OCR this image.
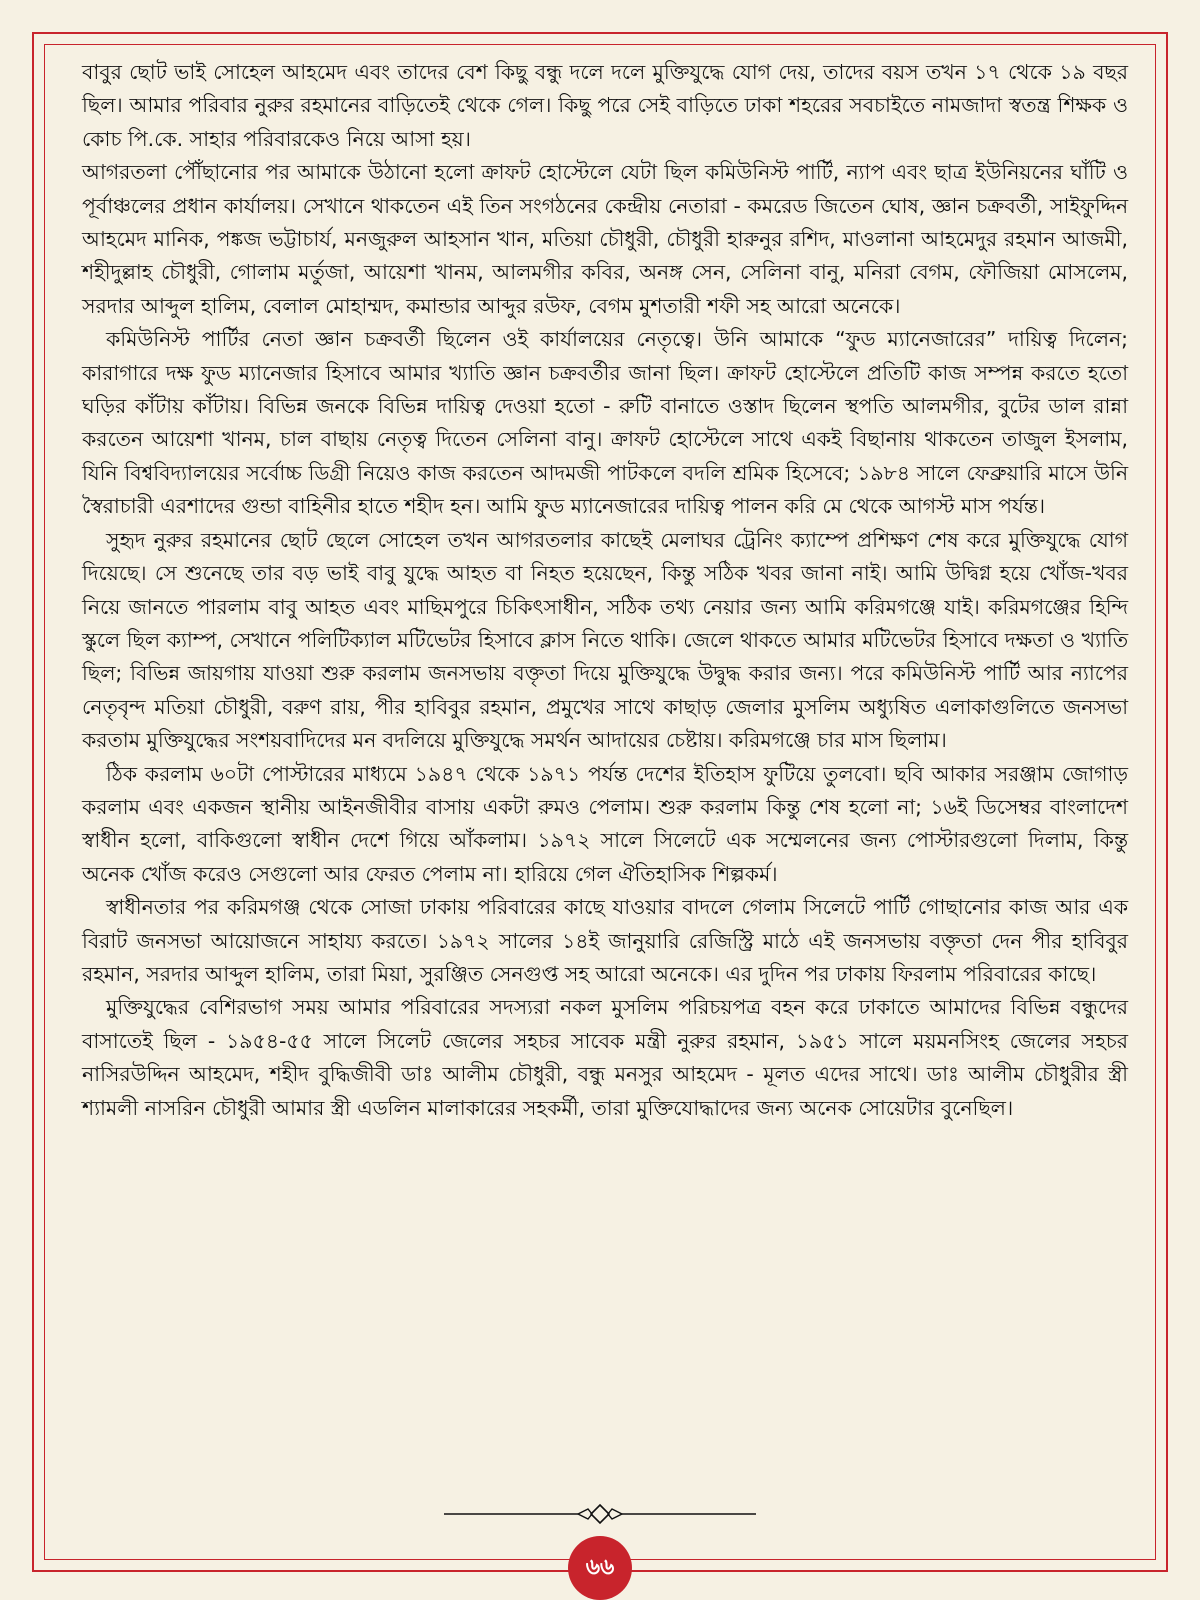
বাবুর ছোট ভাই সোহেল আহমেদ এবং তাদের বেশ কিছু বন্ধু দলে দলে মুক্তিযুদ্ধে যোগ দেয়, তাদের বয়স তখন ১৭ থেকে ১৯ বছর ছিল। আমার পরিবার নুরুর রহমানের বাড়িতেই থেকে গেল। কিছু পরে সেই বাড়িতে ঢাকা শহরের সবচাইতে নামজাদা স্বতন্ত্র শিক্ষক ও কোচ পি.কে. সাহার পরিবারকেও নিয়ে আসা হয়।

আগরতলা পৌঁছানোর পর আমাকে উঠানো হলো ক্রাফট হোস্টেলে যেটা ছিল কমিউনিস্ট পার্টি, ন্যাপ এবং ছাত্র ইউনিয়নের ঘাঁটি ও পূর্বাঞ্চলের প্রধান কার্যালয়। সেখানে থাকতেন এই তিন সংগঠনের কেন্দ্রীয় নেতারা - কমরেড জিতেন ঘোষ, জ্ঞান চক্রবর্তী, সাইফুদ্দিন আহমেদ মানিক, পঙ্কজ ভট্টাচার্য, মনজুরুল আহসান খান, মতিয়া চৌধুরী, চৌধুরী হারুনুর রশিদ, মাওলানা আহমেদুর রহমান আজমী, শহীদুল্লাহ চৌধুরী, গোলাম মর্তুজা, আয়েশা খানম, আলমগীর কবির, অনঙ্গ সেন, সেলিনা বানু, মনিরা বেগম, ফৌজিয়া মোসলেম, সরদার আব্দুল হালিম, বেলাল মোহাম্মদ, কমান্ডার আব্দুর রউফ, বেগম মুশতারী শফী সহ আরো অনেকে।

কমিউনিস্ট পার্টির নেতা জ্ঞান চক্রবর্তী ছিলেন ওই কার্যালয়ের নেতৃত্বে। উনি আমাকে “ফুড ম্যানেজারের” দায়িত্ব দিলেন; কারাগারে দক্ষ ফুড ম্যানেজার হিসাবে আমার খ্যাতি জ্ঞান চক্রবর্তীর জানা ছিল। ক্রাফট হোস্টেলে প্রতিটি কাজ সম্পন্ন করতে হতো ঘড়ির কাঁটায় কাঁটায়। বিভিন্ন জনকে বিভিন্ন দায়িত্ব দেওয়া হতো - রুটি বানাতে ওস্তাদ ছিলেন স্থপতি আলমগীর, বুটের ডাল রান্না করতেন আয়েশা খানম, চাল বাছায় নেতৃত্ব দিতেন সেলিনা বানু। ক্রাফট হোস্টেলে সাথে একই বিছানায় থাকতেন তাজুল ইসলাম, যিনি বিশ্ববিদ্যালয়ের সর্বোচ্চ ডিগ্রী নিয়েও কাজ করতেন আদমজী পাটকলে বদলি শ্রমিক হিসেবে; ১৯৮৪ সালে ফেব্রুয়ারি মাসে উনি স্বৈরাচারী এরশাদের গুন্ডা বাহিনীর হাতে শহীদ হন। আমি ফুড ম্যানেজারের দায়িত্ব পালন করি মে থেকে আগস্ট মাস পর্যন্ত।

সুহৃদ নুরুর রহমানের ছোট ছেলে সোহেল তখন আগরতলার কাছেই মেলাঘর ট্রেনিং ক্যাম্পে প্রশিক্ষণ শেষ করে মুক্তিযুদ্ধে যোগ দিয়েছে। সে শুনেছে তার বড় ভাই বাবু যুদ্ধে আহত বা নিহত হয়েছেন, কিন্তু সঠিক খবর জানা নাই। আমি উদ্বিগ্ন হয়ে খোঁজ-খবর নিয়ে জানতে পারলাম বাবু আহত এবং মাছিমপুরে চিকিৎসাধীন, সঠিক তথ্য নেয়ার জন্য আমি করিমগঞ্জে যাই। করিমগঞ্জের হিন্দি স্কুলে ছিল ক্যাম্প, সেখানে পলিটিক্যাল মটিভেটর হিসাবে ক্লাস নিতে থাকি। জেলে থাকতে আমার মটিভেটর হিসাবে দক্ষতা ও খ্যাতি ছিল; বিভিন্ন জায়গায় যাওয়া শুরু করলাম জনসভায় বক্তৃতা দিয়ে মুক্তিযুদ্ধে উদ্বুদ্ধ করার জন্য। পরে কমিউনিস্ট পার্টি আর ন্যাপের নেতৃবৃন্দ মতিয়া চৌধুরী, বরুণ রায়, পীর হাবিবুর রহমান, প্রমুখের সাথে কাছাড় জেলার মুসলিম অধ্যুষিত এলাকাগুলিতে জনসভা করতাম মুক্তিযুদ্ধের সংশয়বাদিদের মন বদলিয়ে মুক্তিযুদ্ধে সমর্থন আদায়ের চেষ্টায়। করিমগঞ্জে চার মাস ছিলাম।

ঠিক করলাম ৬০টা পোস্টারের মাধ্যমে ১৯৪৭ থেকে ১৯৭১ পর্যন্ত দেশের ইতিহাস ফুটিয়ে তুলবো। ছবি আকার সরঞ্জাম জোগাড় করলাম এবং একজন স্থানীয় আইনজীবীর বাসায় একটা রুমও পেলাম। শুরু করলাম কিন্তু শেষ হলো না; ১৬ই ডিসেম্বর বাংলাদেশ স্বাধীন হলো, বাকিগুলো স্বাধীন দেশে গিয়ে আঁকলাম। ১৯৭২ সালে সিলেটে এক সম্মেলনের জন্য পোস্টারগুলো দিলাম, কিন্তু অনেক খোঁজ করেও সেগুলো আর ফেরত পেলাম না। হারিয়ে গেল ঐতিহাসিক শিল্পকর্ম।

স্বাধীনতার পর করিমগঞ্জ থেকে সোজা ঢাকায় পরিবারের কাছে যাওয়ার বাদলে গেলাম সিলেটে পার্টি গোছানোর কাজ আর এক বিরাট জনসভা আয়োজনে সাহায্য করতে। ১৯৭২ সালের ১৪ই জানুয়ারি রেজিস্ট্রি মাঠে এই জনসভায় বক্তৃতা দেন পীর হাবিবুর রহমান, সরদার আব্দুল হালিম, তারা মিয়া, সুরঞ্জিত সেনগুপ্ত সহ আরো অনেকে। এর দুদিন পর ঢাকায় ফিরলাম পরিবারের কাছে।

মুক্তিযুদ্ধের বেশিরভাগ সময় আমার পরিবারের সদস্যরা নকল মুসলিম পরিচয়পত্র বহন করে ঢাকাতে আমাদের বিভিন্ন বন্ধুদের বাসাতেই ছিল - ১৯৫৪-৫৫ সালে সিলেট জেলের সহচর সাবেক মন্ত্রী নুরুর রহমান, ১৯৫১ সালে ময়মনসিংহ জেলের সহচর নাসিরউদ্দিন আহমেদ, শহীদ বুদ্ধিজীবী ডাঃ আলীম চৌধুরী, বন্ধু মনসুর আহমেদ - মূলত এদের সাথে। ডাঃ আলীম চৌধুরীর স্ত্রী শ্যামলী নাসরিন চৌধুরী আমার স্ত্রী এডলিন মালাকারের সহকর্মী, তারা মুক্তিযোদ্ধাদের জন্য অনেক সোয়েটার বুনেছিল।

৬৬
